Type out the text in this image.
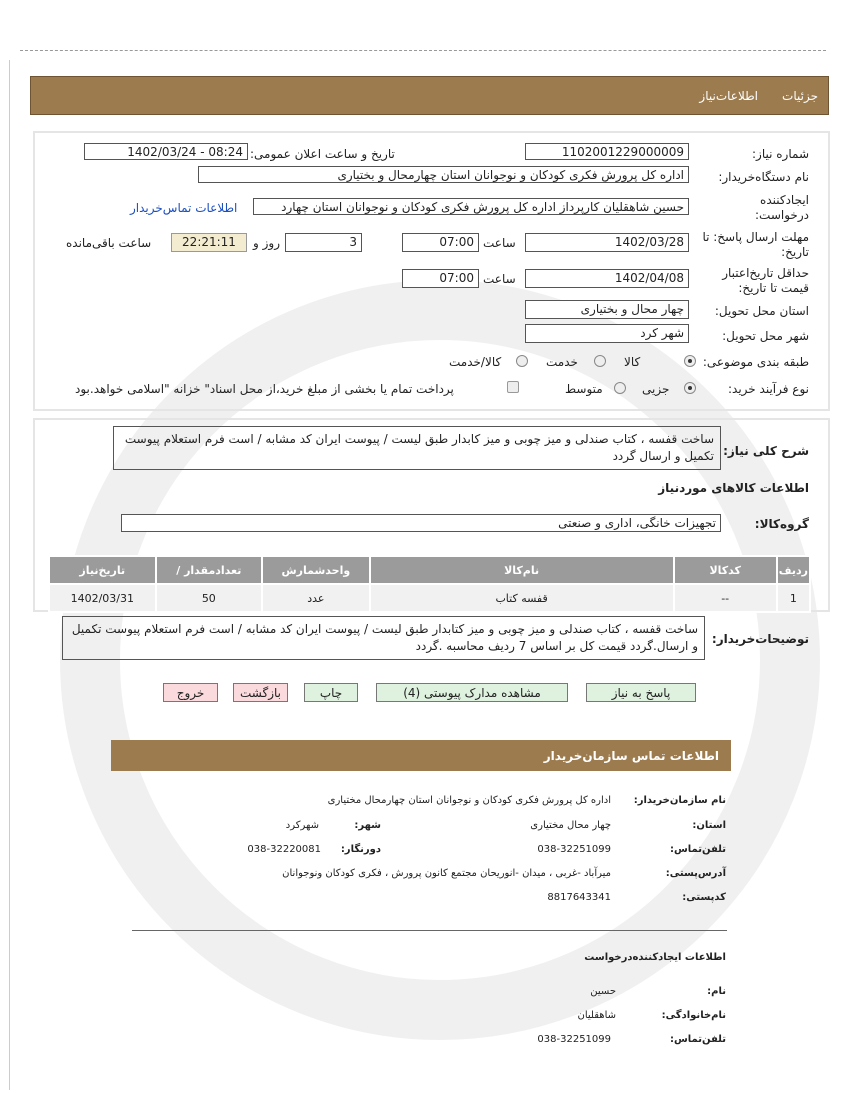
جزئیات
اطلاعات‌نیاز
شماره نیاز:
1102001229000009
تاریخ و ساعت اعلان عمومی:
1402/03/24 - 08:24
نام دستگاه‌خریدار:
اداره کل پرورش فکری کودکان و نوجوانان استان چهارمحال و بختیاری
ایجادکننده
درخواست:
حسین شاهقلیان کارپرداز اداره کل پرورش فکری کودکان و نوجوانان استان چهارد
اطلاعات تماس‌خریدار
مهلت ارسال پاسخ: تا
تاریخ:
1402/03/28
ساعت
07:00
3
روز و
22:21:11
ساعت باقی‌مانده
حداقل تاریخ‌اعتبار
قیمت تا تاریخ:
1402/04/08
ساعت
07:00
استان محل تحویل:
چهار محال و بختیاری
شهر محل تحویل:
شهر کرد
طبقه بندی موضوعی:
کالا
خدمت
کالا/خدمت
نوع فرآیند خرید:
جزیی
متوسط
پرداخت تمام یا بخشی از مبلغ خرید،از محل اسناد" خزانه "اسلامی خواهد.بود
شرح کلی نیاز:
ساخت قفسه ، کتاب صندلی و میز چوبی و میز کابدار طبق لیست / پیوست ایران کد مشابه / است فرم استعلام پیوست تکمیل و ارسال گردد
اطلاعات کالاهای موردنیاز
گروه‌کالا:
تجهیزات خانگی، اداری و صنعتی
ردیف	کدکالا	نام‌کالا	واحدشمارش	تعدادمقدار /	تاریخ‌نیاز
1	--	قفسه کتاب	عدد	50	1402/03/31
توضیحات‌خریدار:
ساخت قفسه ، کتاب صندلی و میز چوبی و میز کتابدار طبق لیست / پیوست ایران کد مشابه / است فرم استعلام پیوست تکمیل و ارسال.گردد قیمت کل بر اساس 7 ردیف محاسبه .گردد
پاسخ به نیاز
مشاهده مدارک پیوستی (4)
چاپ
بازگشت
خروج
اطلاعات تماس سازمان‌خریدار
نام سازمان‌خریدار:
اداره کل پرورش فکری کودکان و نوجوانان استان چهارمحال مختیاری
استان:
چهار محال مختیاری
شهر:
شهرکرد
تلفن‌تماس:
038-32251099
دورنگار:
038-32220081
آدرس‌پستی:
میرآباد -غربی ، میدان -انوریحان مجتمع کانون پرورش ، فکری کودکان ونوجوانان
کد‌پستی:
8817643341
اطلاعات ایجادکننده‌درخواست
نام:
حسین
نام‌خانوادگی:
شاهقلیان
تلفن‌تماس:
038-32251099
